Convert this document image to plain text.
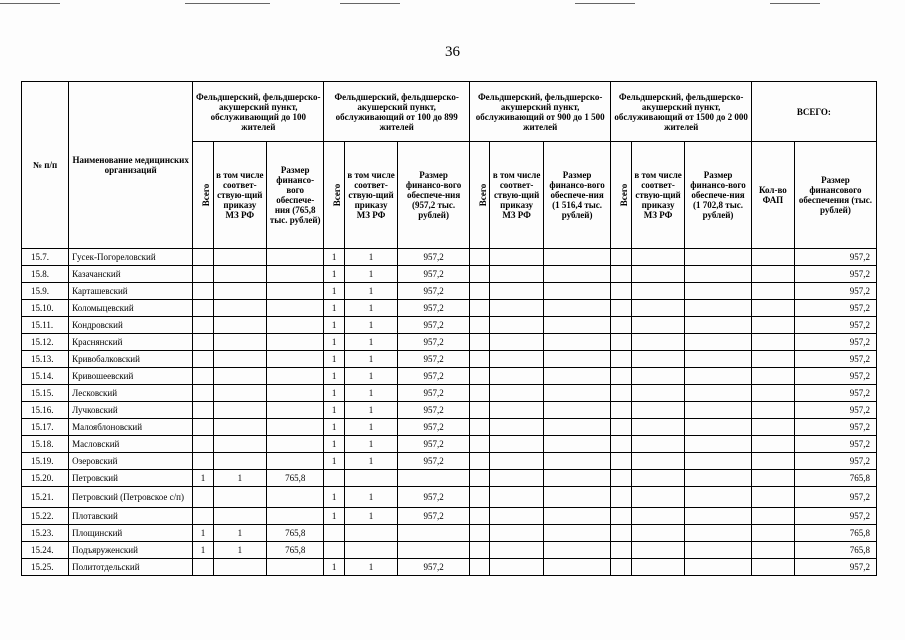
36
№ п/п	Наименование медицинских организаций	Фельдшерский, фельдшерско-акушерский пункт, обслуживающий до 100 жителей			Фельдшерский, фельдшерско-акушерский пункт, обслуживающий от 100 до 899 жителей			Фельдшерский, фельдшерско-акушерский пункт, обслуживающий от 900 до 1 500 жителей			Фельдшерский, фельдшерско-акушерский пункт, обслуживающий от 1500 до 2 000 жителей			ВСЕГО:	
		Всего	в том числе соответ-ствую-щий приказу МЗ РФ	Размер финансо-вого обеспече-ния (765,8 тыс. рублей)	Всего	в том числе соответ-ствую-щий приказу МЗ РФ	Размер финансо-вого обеспече-ния (957,2 тыс. рублей)	Всего	в том числе соответ-ствую-щий приказу МЗ РФ	Размер финансо-вого обеспече-ния (1 516,4 тыс. рублей)	Всего	в том числе соответ-ствую-щий приказу МЗ РФ	Размер финансо-вого обеспече-ния (1 702,8 тыс. рублей)	Кол-во ФАП	Размер финансового обеспечения (тыс. рублей)
15.7.	Гусек-Погореловский				1	1	957,2								957,2
15.8.	Казачанский				1	1	957,2								957,2
15.9.	Карташевский				1	1	957,2								957,2
15.10.	Коломыцевский				1	1	957,2								957,2
15.11.	Кондровский				1	1	957,2								957,2
15.12.	Краснянский				1	1	957,2								957,2
15.13.	Кривобалковский				1	1	957,2								957,2
15.14.	Кривошеевский				1	1	957,2								957,2
15.15.	Лесковский				1	1	957,2								957,2
15.16.	Лучковский				1	1	957,2								957,2
15.17.	Малояблоновский				1	1	957,2								957,2
15.18.	Масловский				1	1	957,2								957,2
15.19.	Озеровский				1	1	957,2								957,2
15.20.	Петровский	1	1	765,8											765,8
15.21.	Петровский (Петровское с/п)				1	1	957,2								957,2
15.22.	Плотавский				1	1	957,2								957,2
15.23.	Площинский	1	1	765,8											765,8
15.24.	Подъяруженский	1	1	765,8											765,8
15.25.	Политотдельский				1	1	957,2								957,2
